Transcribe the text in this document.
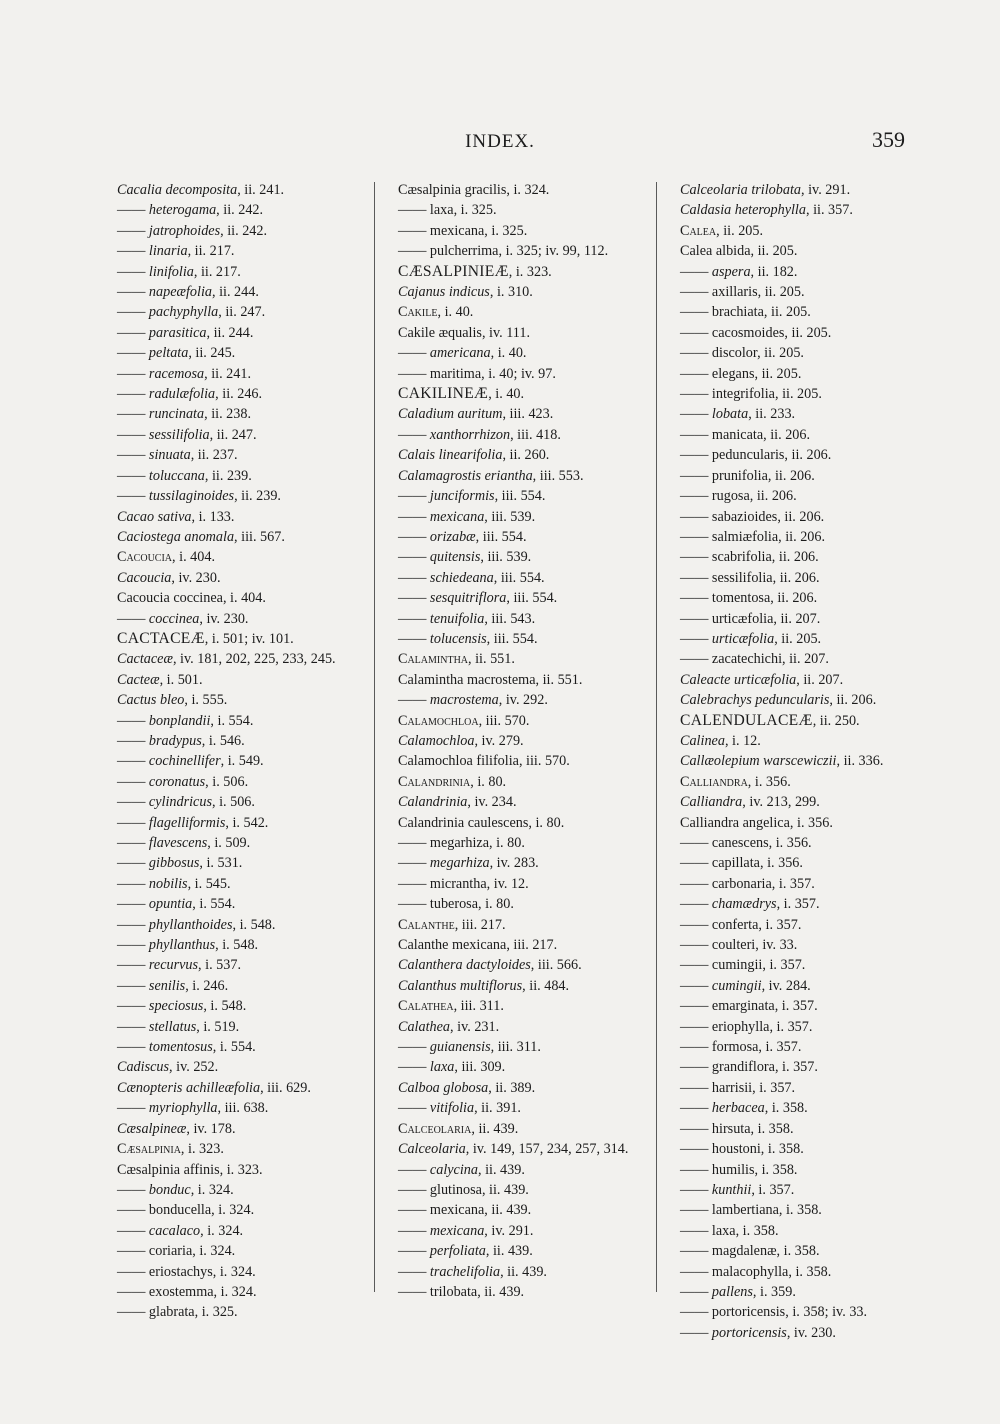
INDEX.	359
Cacalia decomposita, ii. 241.
—— heterogama, ii. 242.
—— jatrophoides, ii. 242.
—— linaria, ii. 217.
—— linifolia, ii. 217.
—— napeæfolia, ii. 244.
—— pachyphylla, ii. 247.
—— parasitica, ii. 244.
—— peltata, ii. 245.
—— racemosa, ii. 241.
—— radulæfolia, ii. 246.
—— runcinata, ii. 238.
—— sessilifolia, ii. 247.
—— sinuata, ii. 237.
—— toluccana, ii. 239.
—— tussilaginoides, ii. 239.
Cacao sativa, i. 133.
Caciostega anomala, iii. 567.
Cacoucia, i. 404.
Cacoucia, iv. 230.
Cacoucia coccinea, i. 404.
—— coccinea, iv. 230.
CACTACEÆ, i. 501; iv. 101.
Cactaceæ, iv. 181, 202, 225, 233, 245.
Cacteæ, i. 501.
Cactus bleo, i. 555.
—— bonplandii, i. 554.
—— bradypus, i. 546.
—— cochinellifer, i. 549.
—— coronatus, i. 506.
—— cylindricus, i. 506.
—— flagelliformis, i. 542.
—— flavescens, i. 509.
—— gibbosus, i. 531.
—— nobilis, i. 545.
—— opuntia, i. 554.
—— phyllanthoides, i. 548.
—— phyllanthus, i. 548.
—— recurvus, i. 537.
—— senilis, i. 246.
—— speciosus, i. 548.
—— stellatus, i. 519.
—— tomentosus, i. 554.
Cadiscus, iv. 252.
Cænopteris achilleæfolia, iii. 629.
—— myriophylla, iii. 638.
Cæsalpineæ, iv. 178.
Cæsalpinia, i. 323.
Cæsalpinia affinis, i. 323.
—— bonduc, i. 324.
—— bonducella, i. 324.
—— cacalaco, i. 324.
—— coriaria, i. 324.
—— eriostachys, i. 324.
—— exostemma, i. 324.
—— glabrata, i. 325.
Cæsalpinia gracilis, i. 324.
—— laxa, i. 325.
—— mexicana, i. 325.
—— pulcherrima, i. 325; iv. 99, 112.
CÆSALPINIEÆ, i. 323.
Cajanus indicus, i. 310.
Cakile, i. 40.
Cakile æqualis, iv. 111.
—— americana, i. 40.
—— maritima, i. 40; iv. 97.
CAKILINEÆ, i. 40.
Caladium auritum, iii. 423.
—— xanthorrhizon, iii. 418.
Calais linearifolia, ii. 260.
Calamagrostis eriantha, iii. 553.
—— junciformis, iii. 554.
—— mexicana, iii. 539.
—— orizabæ, iii. 554.
—— quitensis, iii. 539.
—— schiedeana, iii. 554.
—— sesquitriflora, iii. 554.
—— tenuifolia, iii. 543.
—— tolucensis, iii. 554.
Calamintha, ii. 551.
Calamintha macrostema, ii. 551.
—— macrostema, iv. 292.
Calamochloa, iii. 570.
Calamochloa, iv. 279.
Calamochloa filifolia, iii. 570.
Calandrinia, i. 80.
Calandrinia, iv. 234.
Calandrinia caulescens, i. 80.
—— megarhiza, i. 80.
—— megarhiza, iv. 283.
—— micrantha, iv. 12.
—— tuberosa, i. 80.
Calanthe, iii. 217.
Calanthe mexicana, iii. 217.
Calanthera dactyloides, iii. 566.
Calanthus multiflorus, ii. 484.
Calathea, iii. 311.
Calathea, iv. 231.
—— guianensis, iii. 311.
—— laxa, iii. 309.
Calboa globosa, ii. 389.
—— vitifolia, ii. 391.
Calceolaria, ii. 439.
Calceolaria, iv. 149, 157, 234, 257, 314.
—— calycina, ii. 439.
—— glutinosa, ii. 439.
—— mexicana, ii. 439.
—— mexicana, iv. 291.
—— perfoliata, ii. 439.
—— trachelifolia, ii. 439.
—— trilobata, ii. 439.
Calceolaria trilobata, iv. 291.
Caldasia heterophylla, ii. 357.
Calea, ii. 205.
Calea albida, ii. 205.
—— aspera, ii. 182.
—— axillaris, ii. 205.
—— brachiata, ii. 205.
—— cacosmoides, ii. 205.
—— discolor, ii. 205.
—— elegans, ii. 205.
—— integrifolia, ii. 205.
—— lobata, ii. 233.
—— manicata, ii. 206.
—— peduncularis, ii. 206.
—— prunifolia, ii. 206.
—— rugosa, ii. 206.
—— sabazioides, ii. 206.
—— salmiæfolia, ii. 206.
—— scabrifolia, ii. 206.
—— sessilifolia, ii. 206.
—— tomentosa, ii. 206.
—— urticæfolia, ii. 207.
—— urticæfolia, ii. 205.
—— zacatechichi, ii. 207.
Caleacte urticæfolia, ii. 207.
Calebrachys peduncularis, ii. 206.
CALENDULACEÆ, ii. 250.
Calinea, i. 12.
Callæolepium warscewiczii, ii. 336.
Calliandra, i. 356.
Calliandra, iv. 213, 299.
Calliandra angelica, i. 356.
—— canescens, i. 356.
—— capillata, i. 356.
—— carbonaria, i. 357.
—— chamædrys, i. 357.
—— conferta, i. 357.
—— coulteri, iv. 33.
—— cumingii, i. 357.
—— cumingii, iv. 284.
—— emarginata, i. 357.
—— eriophylla, i. 357.
—— formosa, i. 357.
—— grandiflora, i. 357.
—— harrisii, i. 357.
—— herbacea, i. 358.
—— hirsuta, i. 358.
—— houstoni, i. 358.
—— humilis, i. 358.
—— kunthii, i. 357.
—— lambertiana, i. 358.
—— laxa, i. 358.
—— magdalenæ, i. 358.
—— malacophylla, i. 358.
—— pallens, i. 359.
—— portoricensis, i. 358; iv. 33.
—— portoricensis, iv. 230.
